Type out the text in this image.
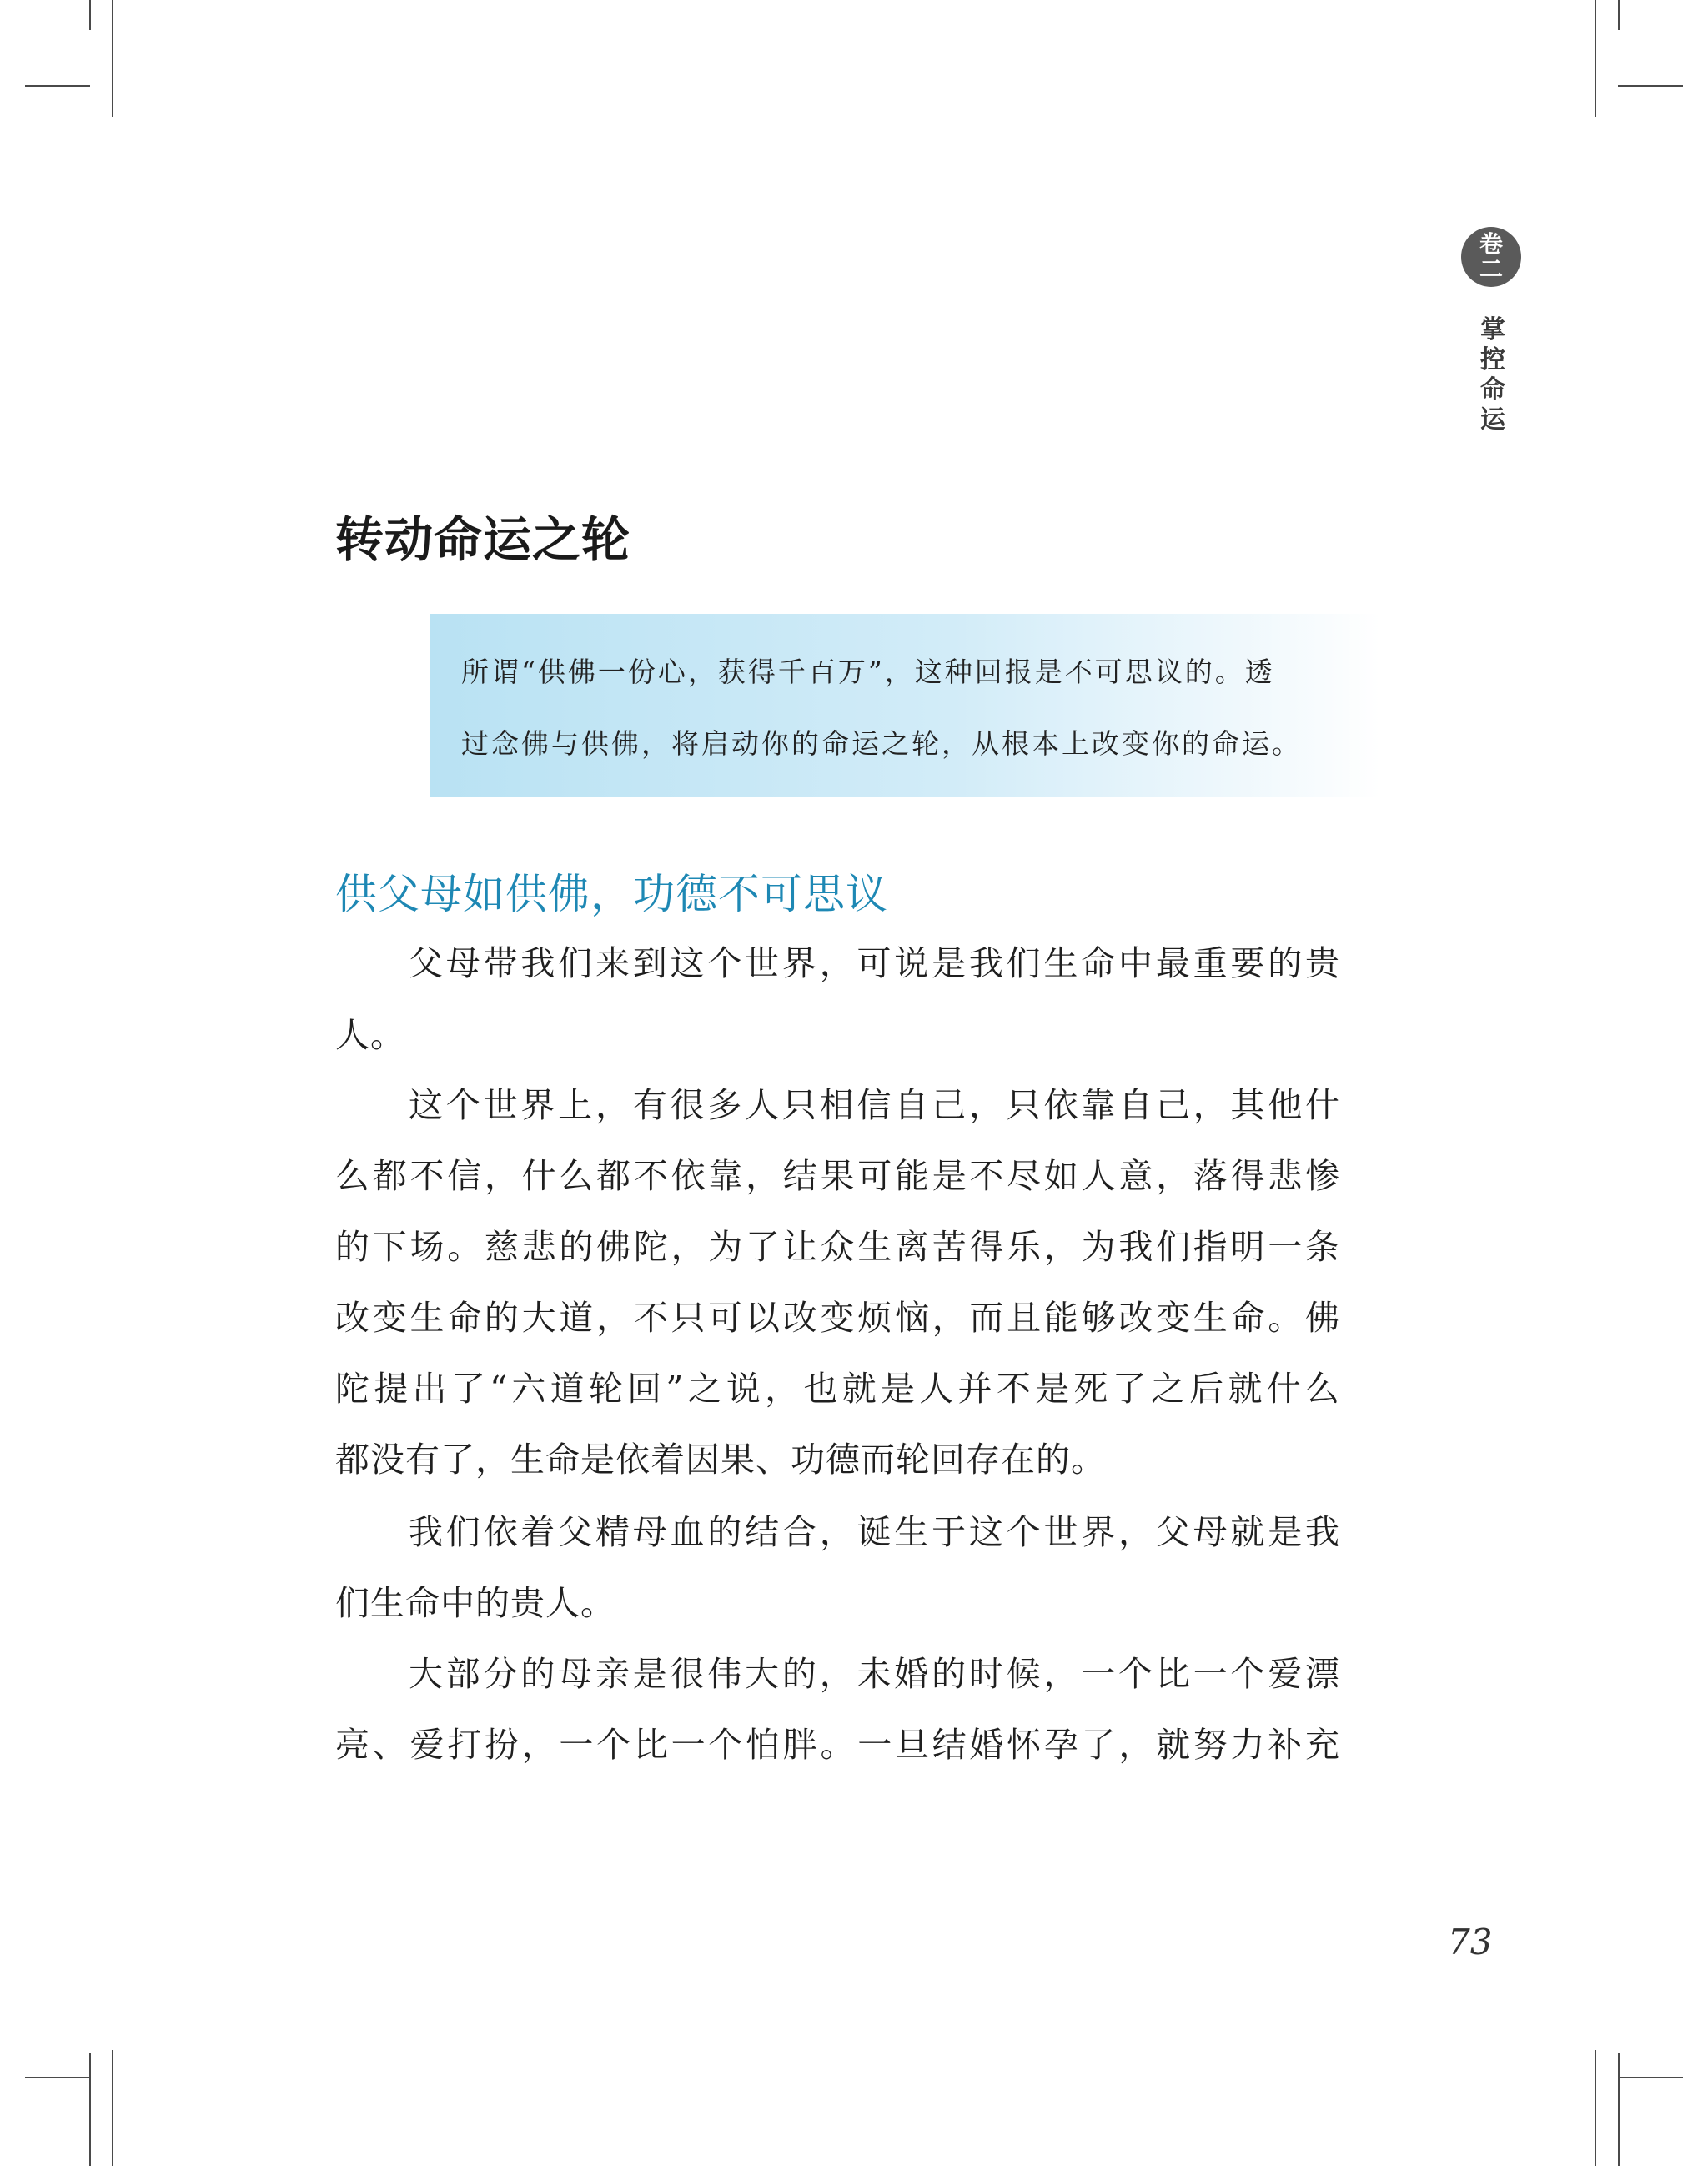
卷
二
掌
控
命
运
转动命运之轮

所谓“供佛一份心，获得千百万”，这种回报是不可思议的。透

过念佛与供佛，将启动你的命运之轮，从根本上改变你的命运。

供父母如供佛，功德不可思议
父母带我们来到这个世界，可说是我们生命中最重要的贵
人。
这个世界上，有很多人只相信自己，只依靠自己，其他什
么都不信，什么都不依靠，结果可能是不尽如人意，落得悲惨
的下场。慈悲的佛陀，为了让众生离苦得乐，为我们指明一条
改变生命的大道，不只可以改变烦恼，而且能够改变生命。佛
陀提出了“六道轮回”之说，也就是人并不是死了之后就什么
都没有了，生命是依着因果、功德而轮回存在的。
我们依着父精母血的结合，诞生于这个世界，父母就是我
们生命中的贵人。
大部分的母亲是很伟大的，未婚的时候，一个比一个爱漂
亮、爱打扮，一个比一个怕胖。一旦结婚怀孕了，就努力补充
73
